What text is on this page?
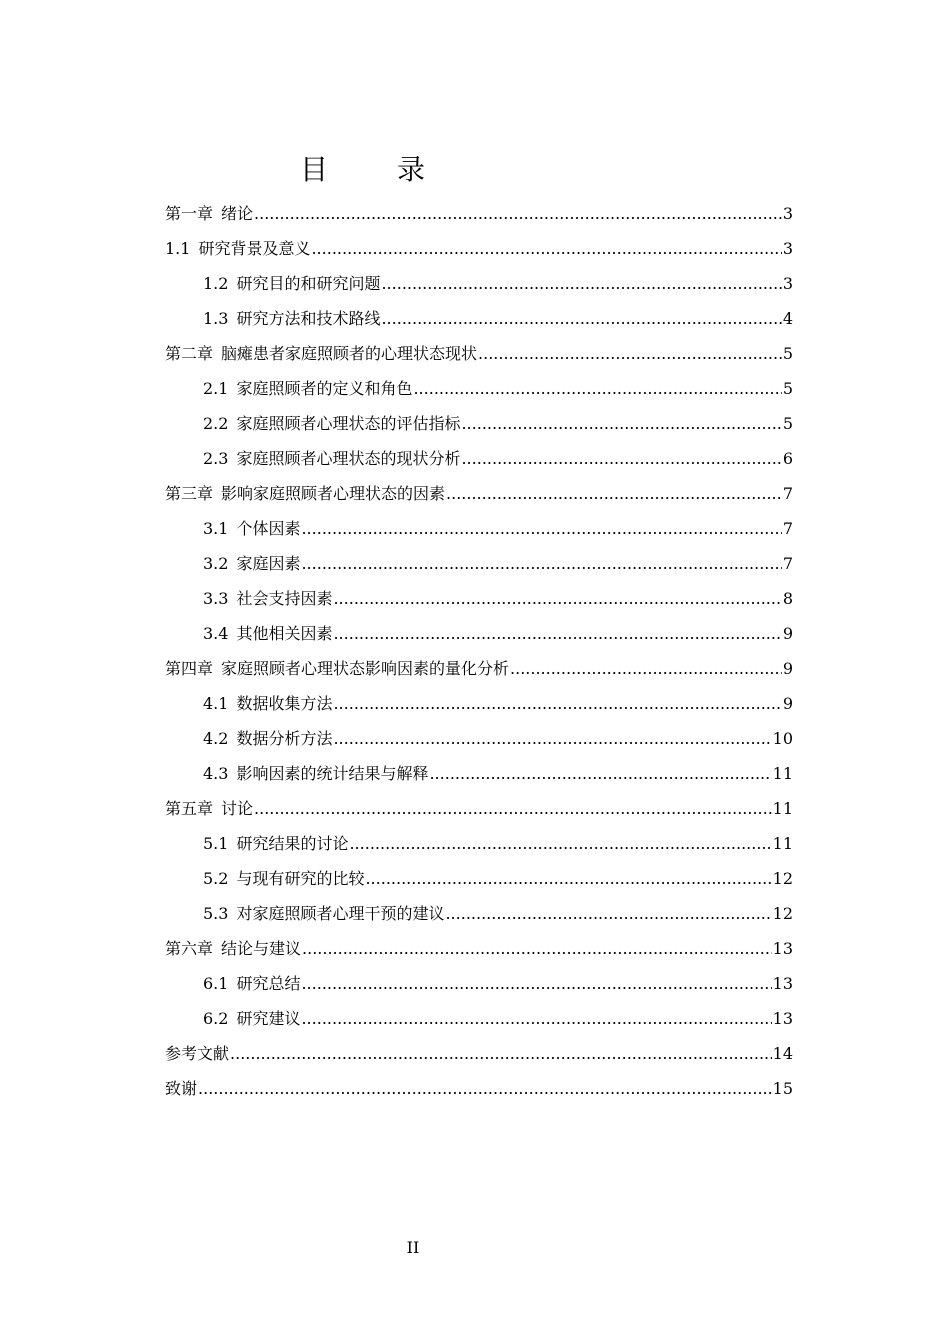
目 录
第一章 绪论 .....	3
1.1 研究背景及意义 .....	3
1.2 研究目的和研究问题 .....	3
1.3 研究方法和技术路线 .....	4
第二章 脑瘫患者家庭照顾者的心理状态现状 .....	5
2.1 家庭照顾者的定义和角色 .....	5
2.2 家庭照顾者心理状态的评估指标 .....	5
2.3 家庭照顾者心理状态的现状分析 .....	6
第三章 影响家庭照顾者心理状态的因素 .....	7
3.1 个体因素 .....	7
3.2 家庭因素 .....	7
3.3 社会支持因素 .....	8
3.4 其他相关因素 .....	9
第四章 家庭照顾者心理状态影响因素的量化分析 .....	9
4.1 数据收集方法 .....	9
4.2 数据分析方法 .....	10
4.3 影响因素的统计结果与解释 .....	11
第五章 讨论 .....	11
5.1 研究结果的讨论 .....	11
5.2 与现有研究的比较 .....	12
5.3 对家庭照顾者心理干预的建议 .....	12
第六章 结论与建议 .....	13
6.1 研究总结 .....	13
6.2 研究建议 .....	13
参考文献 .....	14
致谢 .....	15
II
